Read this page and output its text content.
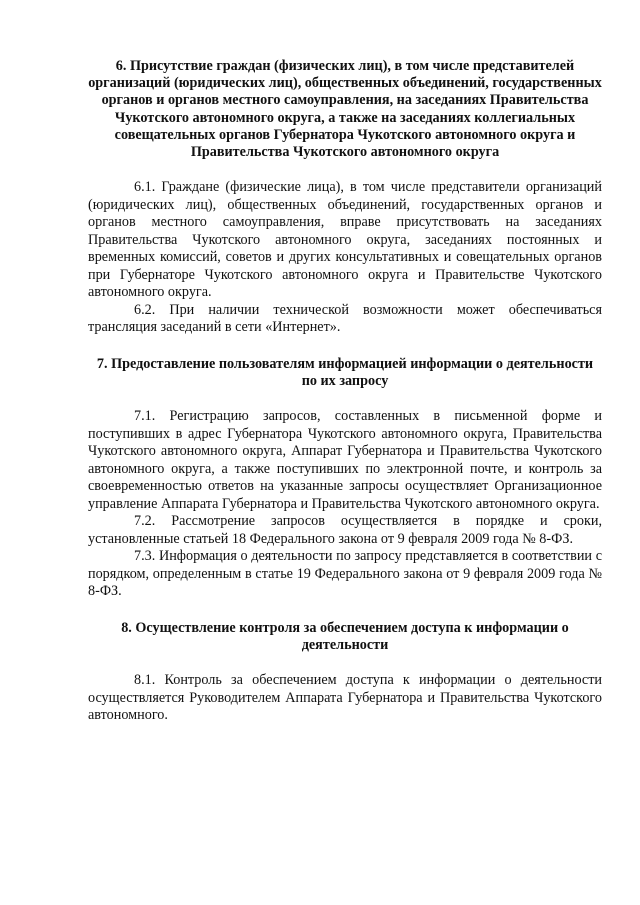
6. Присутствие граждан (физических лиц), в том числе представителей организаций (юридических лиц), общественных объединений, государственных органов и органов местного самоуправления, на заседаниях Правительства Чукотского автономного округа, а также на заседаниях коллегиальных совещательных органов Губернатора Чукотского автономного округа и Правительства Чукотского автономного округа

6.1. Граждане (физические лица), в том числе представители организаций (юридических лиц), общественных объединений, государственных органов и органов местного самоуправления, вправе присутствовать на заседаниях Правительства Чукотского автономного округа, заседаниях постоянных и временных комиссий, советов и других консультативных и совещательных органов при Губернаторе Чукотского автономного округа и Правительстве Чукотского автономного округа.

6.2. При наличии технической возможности может обеспечиваться трансляция заседаний в сети «Интернет».

7. Предоставление пользователям информацией информации о деятельности по их запросу

7.1. Регистрацию запросов, составленных в письменной форме и поступивших в адрес Губернатора Чукотского автономного округа, Правительства Чукотского автономного округа, Аппарат Губернатора и Правительства Чукотского автономного округа, а также поступивших по электронной почте, и контроль за своевременностью ответов на указанные запросы осуществляет Организационное управление Аппарата Губернатора и Правительства Чукотского автономного округа.

7.2. Рассмотрение запросов осуществляется в порядке и сроки, установленные статьей 18 Федерального закона от 9 февраля 2009 года № 8-ФЗ.

7.3. Информация о деятельности по запросу представляется в соответствии с порядком, определенным в статье 19 Федерального закона от 9 февраля 2009 года № 8-ФЗ.

8. Осуществление контроля за обеспечением доступа к информации о деятельности

8.1. Контроль за обеспечением доступа к информации о деятельности осуществляется Руководителем Аппарата Губернатора и Правительства Чукотского автономного.
